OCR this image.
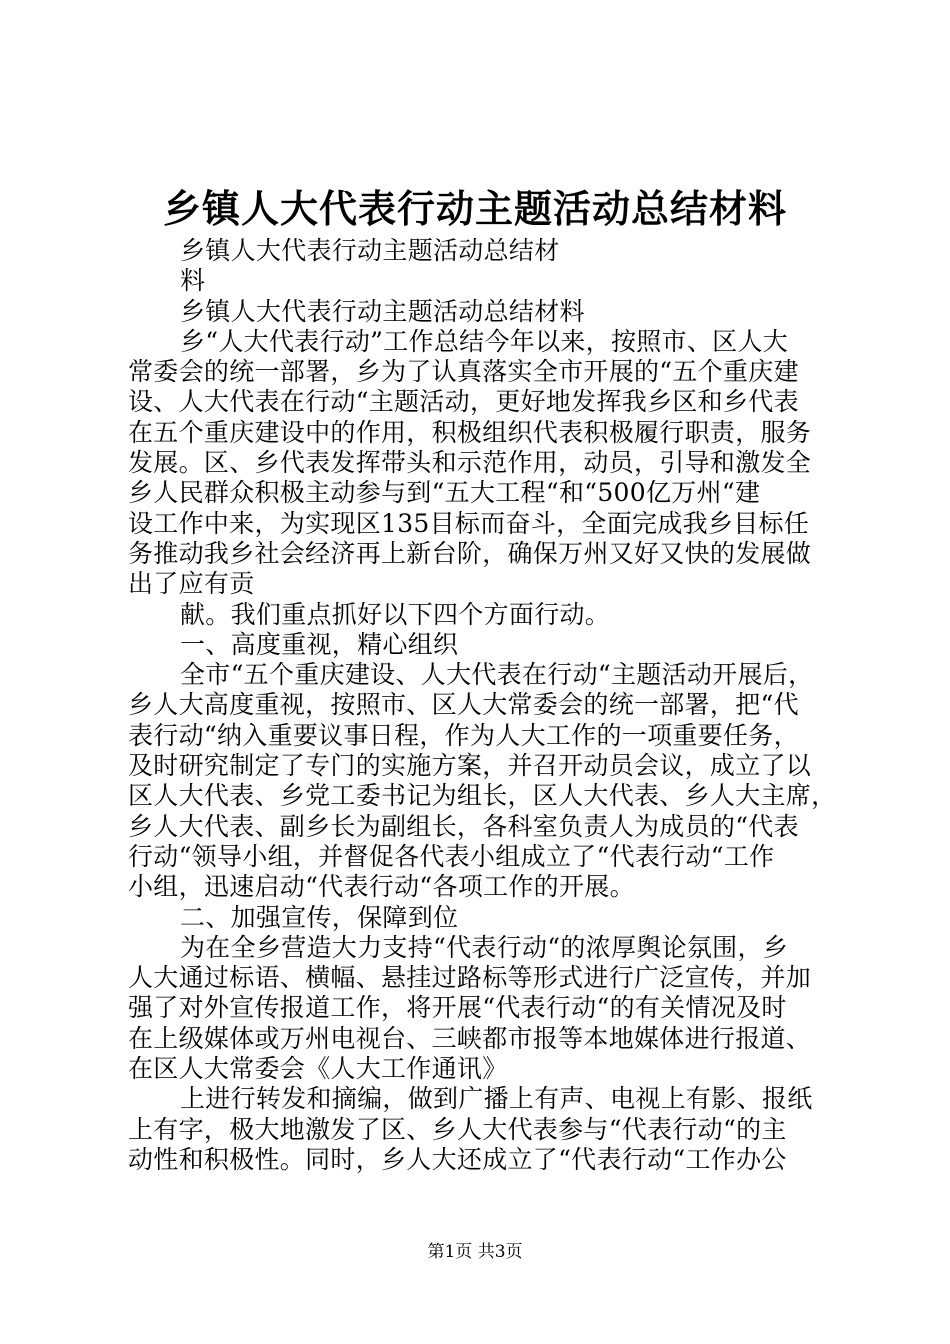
乡镇人大代表行动主题活动总结材料
乡镇人大代表行动主题活动总结材
料
乡镇人大代表行动主题活动总结材料
乡“人大代表行动”工作总结今年以来，按照市、区人大
常委会的统一部署，乡为了认真落实全市开展的“五个重庆建
设、人大代表在行动“主题活动，更好地发挥我乡区和乡代表
在五个重庆建设中的作用，积极组织代表积极履行职责，服务
发展。区、乡代表发挥带头和示范作用，动员，引导和激发全
乡人民群众积极主动参与到“五大工程“和“500亿万州“建
设工作中来，为实现区135目标而奋斗，全面完成我乡目标任
务推动我乡社会经济再上新台阶，确保万州又好又快的发展做
出了应有贡
献。我们重点抓好以下四个方面行动。
一、高度重视，精心组织
全市“五个重庆建设、人大代表在行动“主题活动开展后，
乡人大高度重视，按照市、区人大常委会的统一部署，把“代
表行动“纳入重要议事日程，作为人大工作的一项重要任务，
及时研究制定了专门的实施方案，并召开动员会议，成立了以
区人大代表、乡党工委书记为组长，区人大代表、乡人大主席，
乡人大代表、副乡长为副组长，各科室负责人为成员的“代表
行动“领导小组，并督促各代表小组成立了“代表行动“工作
小组，迅速启动“代表行动“各项工作的开展。
二、加强宣传，保障到位
为在全乡营造大力支持“代表行动“的浓厚舆论氛围，乡
人大通过标语、横幅、悬挂过路标等形式进行广泛宣传，并加
强了对外宣传报道工作，将开展“代表行动“的有关情况及时
在上级媒体或万州电视台、三峡都市报等本地媒体进行报道、
在区人大常委会《人大工作通讯》
上进行转发和摘编，做到广播上有声、电视上有影、报纸
上有字，极大地激发了区、乡人大代表参与“代表行动“的主
动性和积极性。同时，乡人大还成立了“代表行动“工作办公
第1页 共3页
